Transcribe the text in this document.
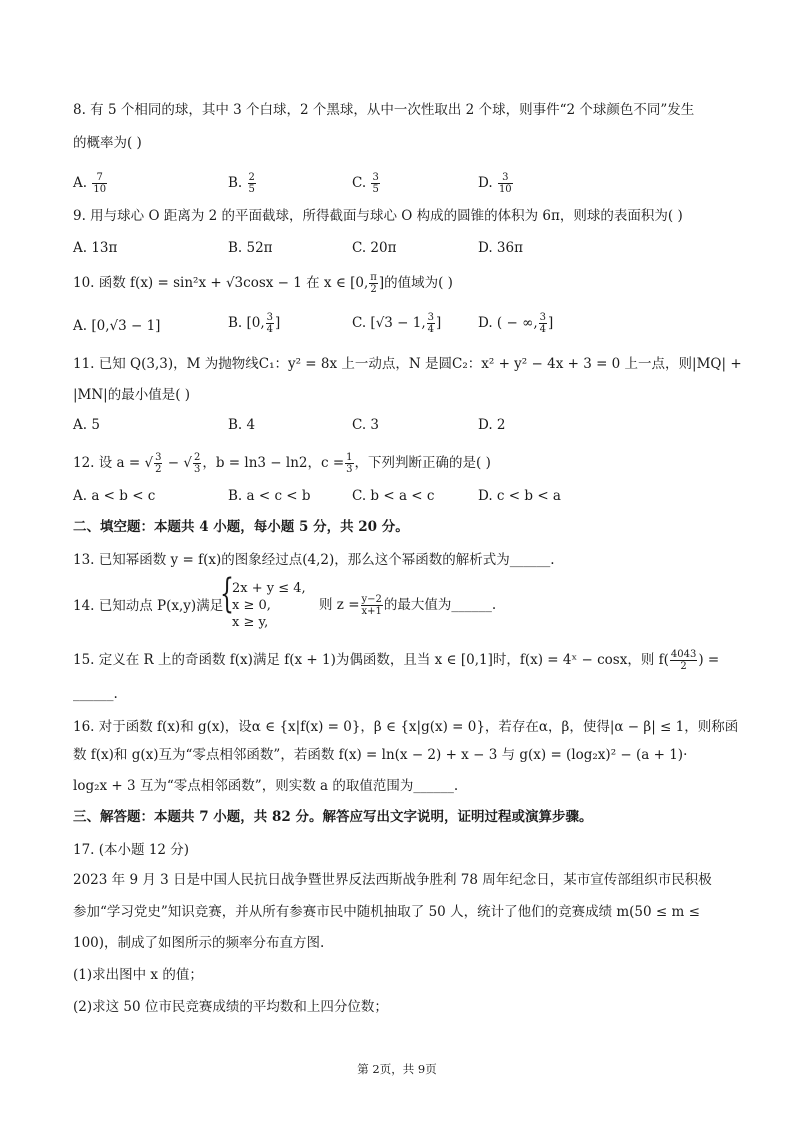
8. 有 5 个相同的球，其中 3 个白球，2 个黑球，从中一次性取出 2 个球，则事件“2 个球颜色不同”发生
的概率为( )
A. $\frac{7}{10}$	B. $\frac{2}{5}$	C. $\frac{3}{5}$	D. $\frac{3}{10}$
9. 用与球心 O 距离为 2 的平面截球，所得截面与球心 O 构成的圆锥的体积为 6π，则球的表面积为( )
A. 13π	B. 52π	C. 20π	D. 36π
10. 函数 f(x) = sin²x + √3cosx − 1 在 x ∈ [0, $\frac{\pi}{2}$ ]的值域为( )
A. [0,√3 − 1]	B. [0, $\frac{3}{4}$ ]	C. [√3 − 1, $\frac{3}{4}$ ]	D. ( − ∞, $\frac{3}{4}$ ]
11. 已知 Q(3,3)，M 为抛物线C₁：y² = 8x 上一动点，N 是圆C₂：x² + y² − 4x + 3 = 0 上一点，则|MQ| +
|MN|的最小值是( )
A. 5	B. 4	C. 3	D. 2
12. 设 a = √ $\frac{3}{2}$ − √ $\frac{2}{3}$ ，b = ln3 − ln2，$c = \frac{1}{3}$ ，下列判断正确的是( )
A. a < b < c	B. a < c < b	C. b < a < c	D. c < b < a
二、填空题：本题共 4 小题，每小题 5 分，共 20 分。
13. 已知幂函数 y = f(x)的图象经过点(4,2)，那么这个幂函数的解析式为______.
14. 已知动点 P(x,y)满足
{
2x + y ≤ 4,
x ≥ 0,
x ≥ y,
则 $z = \frac{y-2}{x+1}$ 的最大值为______.
15. 定义在 R 上的奇函数 f(x)满足 f(x + 1)为偶函数，且当 x ∈ [0,1]时，f(x) = 4ˣ − cosx，则 $f( \frac{4043}{2}$ ) =
______.
16. 对于函数 f(x)和 g(x)，设α ∈ {x|f(x) = 0}，β ∈ {x|g(x) = 0}，若存在α，β，使得|α − β| ≤ 1，则称函
数 f(x)和 g(x)互为“零点相邻函数”，若函数 f(x) = ln(x − 2) + x − 3 与 g(x) = (log₂x)² − (a + 1)·
log₂x + 3 互为“零点相邻函数”，则实数 a 的取值范围为______.
三、解答题：本题共 7 小题，共 82 分。解答应写出文字说明，证明过程或演算步骤。
17. (本小题 12 分)
2023 年 9 月 3 日是中国人民抗日战争暨世界反法西斯战争胜利 78 周年纪念日，某市宣传部组织市民积极
参加“学习党史”知识竞赛，并从所有参赛市民中随机抽取了 50 人，统计了他们的竞赛成绩 m(50 ≤ m ≤
100)，制成了如图所示的频率分布直方图.
(1)求出图中 x 的值；
(2)求这 50 位市民竞赛成绩的平均数和上四分位数；
第 2页，共 9页
